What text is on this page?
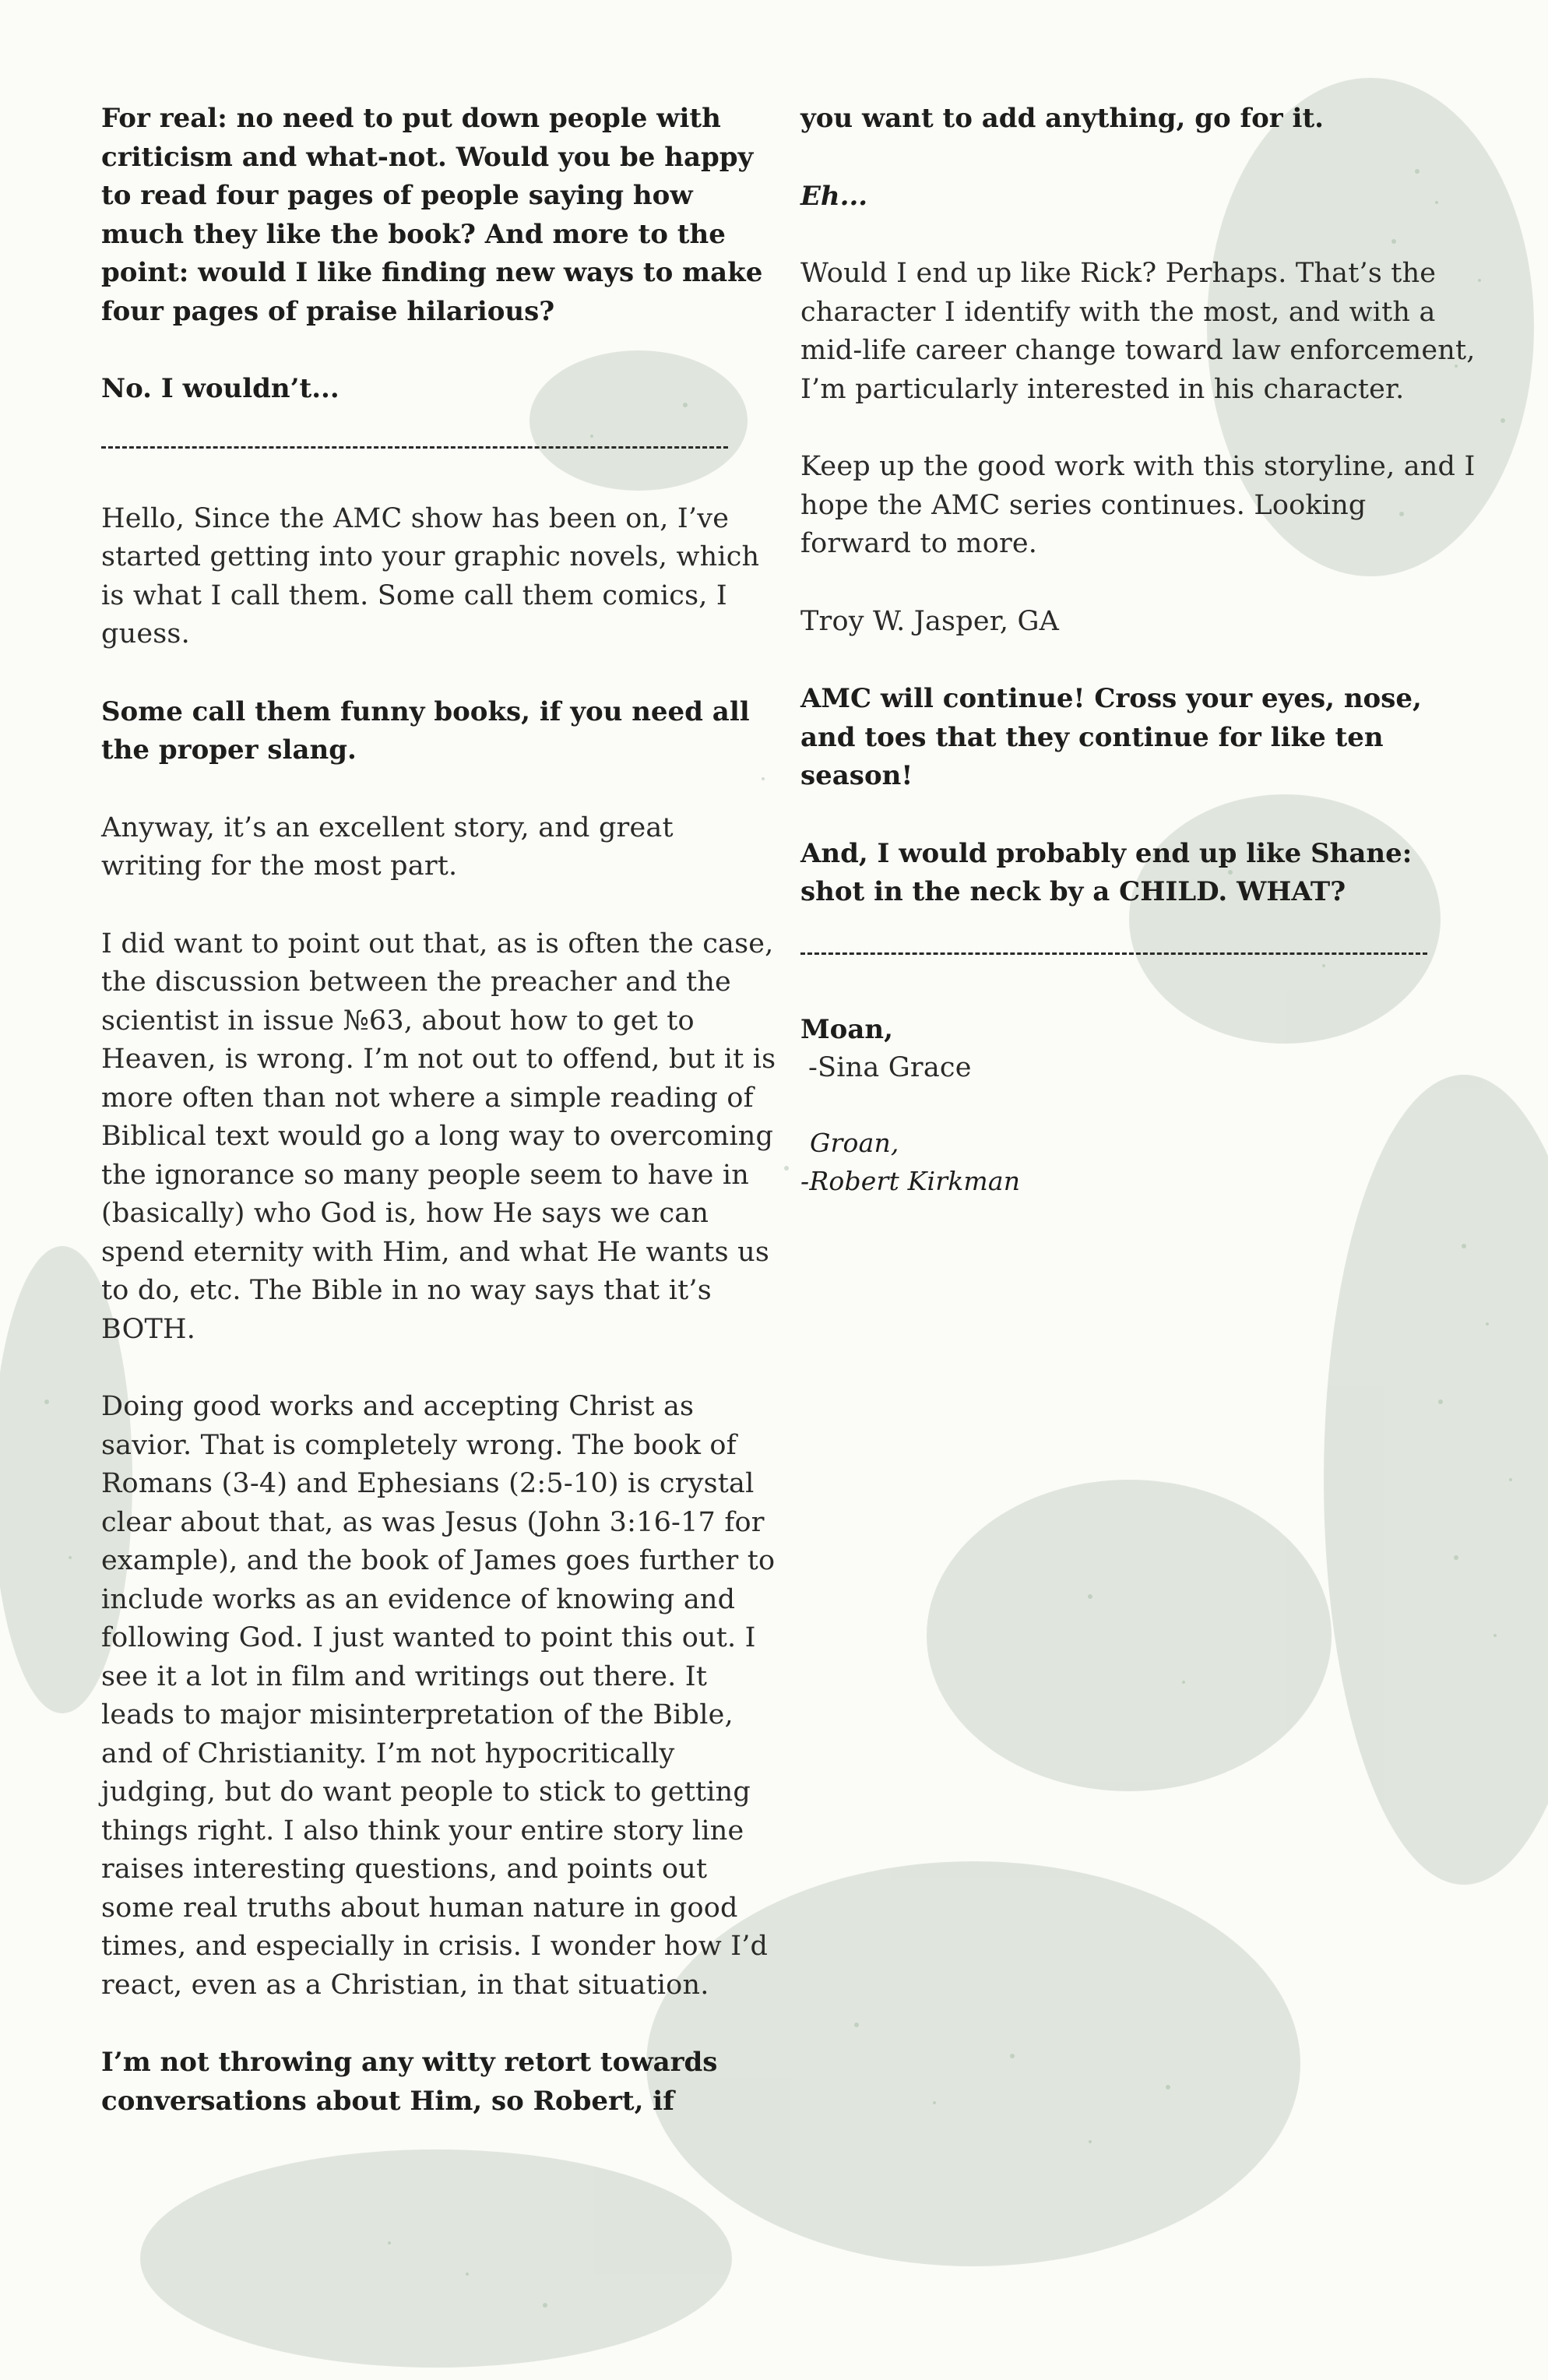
For real: no need to put down people with criticism and what-not. Would you be happy to read four pages of people saying how much they like the book? And more to the point: would I like finding new ways to make four pages of praise hilarious?

No. I wouldn’t...

Hello, Since the AMC show has been on, I’ve started getting into your graphic novels, which is what I call them. Some call them comics, I guess.

Some call them funny books, if you need all the proper slang.

Anyway, it’s an excellent story, and great writing for the most part.

I did want to point out that, as is often the case, the discussion between the preacher and the scientist in issue №63, about how to get to Heaven, is wrong. I’m not out to offend, but it is more often than not where a simple reading of Biblical text would go a long way to overcoming the ignorance so many people seem to have in (basically) who God is, how He says we can spend eternity with Him, and what He wants us to do, etc. The Bible in no way says that it’s BOTH.

Doing good works and accepting Christ as savior. That is completely wrong. The book of Romans (3-4) and Ephesians (2:5-10) is crystal clear about that, as was Jesus (John 3:16-17 for example), and the book of James goes further to include works as an evidence of knowing and following God. I just wanted to point this out. I see it a lot in film and writings out there. It leads to major misinterpretation of the Bible, and of Christianity. I’m not hypocritically judging, but do want people to stick to getting things right. I also think your entire story line raises interesting questions, and points out some real truths about human nature in good times, and especially in crisis. I wonder how I’d react, even as a Christian, in that situation.

I’m not throwing any witty retort towards conversations about Him, so Robert, if

you want to add anything, go for it.

Eh...

Would I end up like Rick? Perhaps. That’s the character I identify with the most, and with a mid-life career change toward law enforcement, I’m particularly interested in his character.

Keep up the good work with this storyline, and I hope the AMC series continues. Looking forward to more.

Troy W. Jasper, GA

AMC will continue! Cross your eyes, nose, and toes that they continue for like ten season!

And, I would probably end up like Shane: shot in the neck by a CHILD. WHAT?

Moan,

-Sina Grace

Groan,

-Robert Kirkman
